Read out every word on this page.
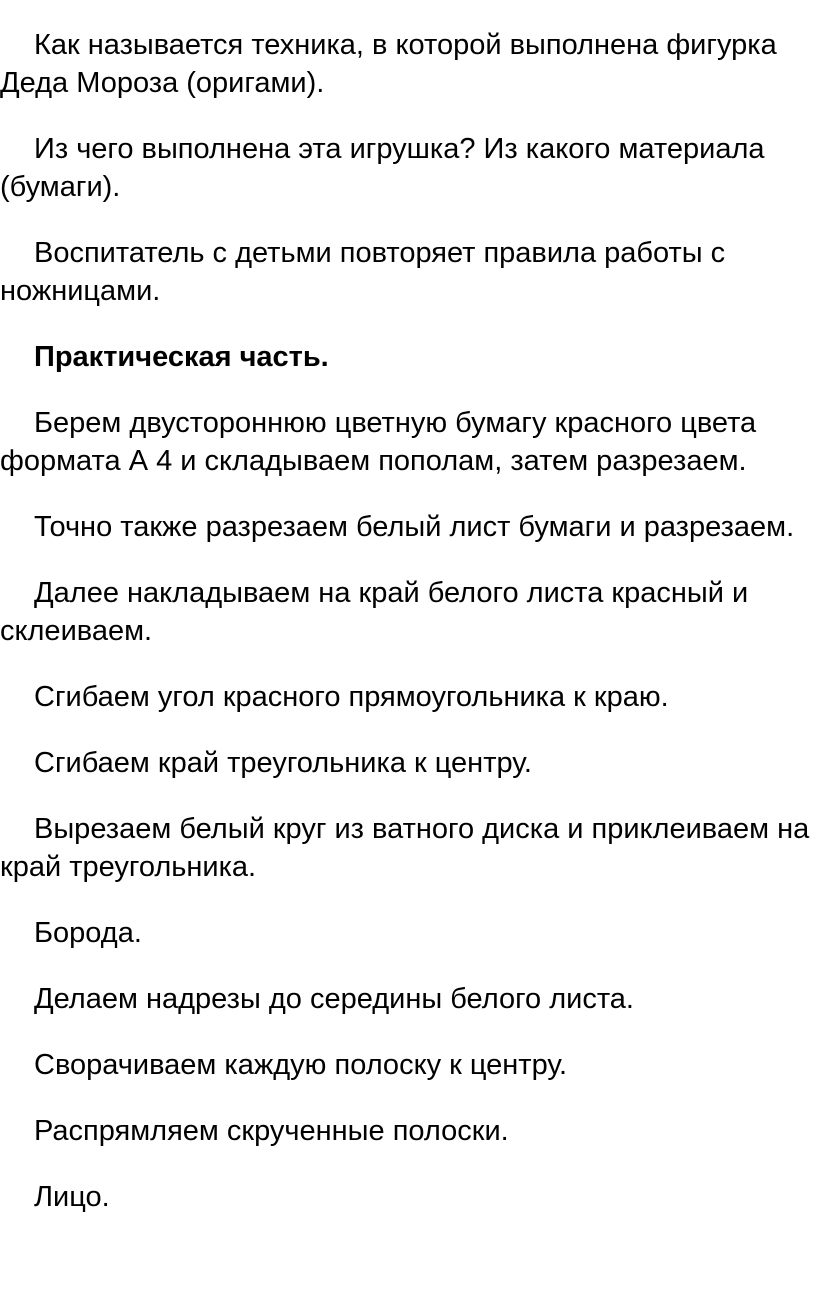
Как называется техника, в которой выполнена фигурка Деда Мороза (оригами).

Из чего выполнена эта игрушка? Из какого материала (бумаги).

Воспитатель с детьми повторяет правила работы с ножницами.

Практическая часть.

Берем двустороннюю цветную бумагу красного цвета формата А 4 и складываем пополам, затем разрезаем.

Точно также разрезаем белый лист бумаги и разрезаем.

Далее накладываем на край белого листа красный и склеиваем.

Сгибаем угол красного прямоугольника к краю.

Сгибаем край треугольника к центру.

Вырезаем белый круг из ватного диска и приклеиваем на край треугольника.

Борода.

Делаем надрезы до середины белого листа.

Сворачиваем каждую полоску к центру.

Распрямляем скрученные полоски.

Лицо.
